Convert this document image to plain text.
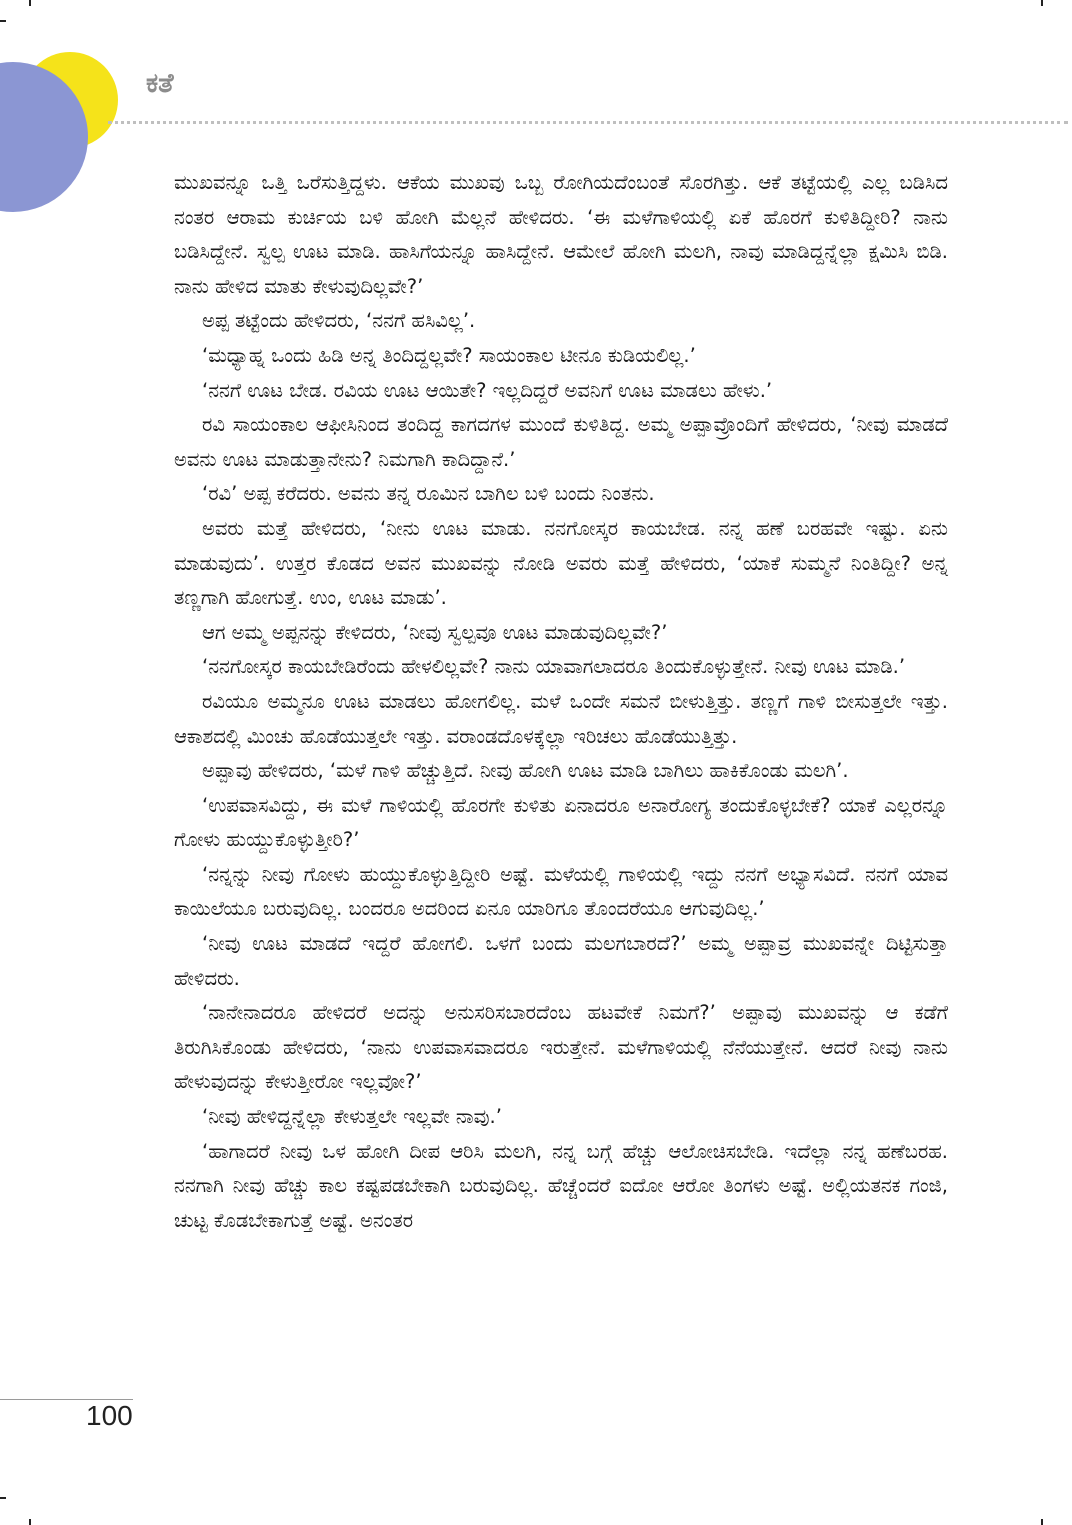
ಕತೆ

ಮುಖವನ್ನೂ ಒತ್ತಿ ಒರೆಸುತ್ತಿದ್ದಳು. ಆಕೆಯ ಮುಖವು ಒಬ್ಬ ರೋಗಿಯದೆಂಬಂತೆ ಸೊರಗಿತ್ತು. ಆಕೆ ತಟ್ಟೆಯಲ್ಲಿ ಎಲ್ಲ ಬಡಿಸಿದ ನಂತರ ಆರಾಮ ಕುರ್ಚಿಯ ಬಳಿ ಹೋಗಿ ಮೆಲ್ಲನೆ ಹೇಳಿದರು. ‘ಈ ಮಳೆಗಾಳಿಯಲ್ಲಿ ಏಕೆ ಹೊರಗೆ ಕುಳಿತಿದ್ದೀರಿ? ನಾನು ಬಡಿಸಿದ್ದೇನೆ. ಸ್ವಲ್ಪ ಊಟ ಮಾಡಿ. ಹಾಸಿಗೆಯನ್ನೂ ಹಾಸಿದ್ದೇನೆ. ಆಮೇಲೆ ಹೋಗಿ ಮಲಗಿ, ನಾವು ಮಾಡಿದ್ದನ್ನೆಲ್ಲಾ ಕ್ಷಮಿಸಿ ಬಿಡಿ. ನಾನು ಹೇಳಿದ ಮಾತು ಕೇಳುವುದಿಲ್ಲವೇ?’

ಅಪ್ಪ ತಟ್ಟೆಂದು ಹೇಳಿದರು, ‘ನನಗೆ ಹಸಿವಿಲ್ಲ’.

‘ಮಧ್ಯಾಹ್ನ ಒಂದು ಹಿಡಿ ಅನ್ನ ತಿಂದಿದ್ದಲ್ಲವೇ? ಸಾಯಂಕಾಲ ಟೀನೂ ಕುಡಿಯಲಿಲ್ಲ.’

‘ನನಗೆ ಊಟ ಬೇಡ. ರವಿಯ ಊಟ ಆಯಿತೇ? ಇಲ್ಲದಿದ್ದರೆ ಅವನಿಗೆ ಊಟ ಮಾಡಲು ಹೇಳು.’

ರವಿ ಸಾಯಂಕಾಲ ಆಫೀಸಿನಿಂದ ತಂದಿದ್ದ ಕಾಗದಗಳ ಮುಂದೆ ಕುಳಿತಿದ್ದ. ಅಮ್ಮ ಅಪ್ಪಾವ್ರೊಂದಿಗೆ ಹೇಳಿದರು, ‘ನೀವು ಮಾಡದೆ ಅವನು ಊಟ ಮಾಡುತ್ತಾನೇನು? ನಿಮಗಾಗಿ ಕಾದಿದ್ದಾನೆ.’

‘ರವಿ’ ಅಪ್ಪ ಕರೆದರು. ಅವನು ತನ್ನ ರೂಮಿನ ಬಾಗಿಲ ಬಳಿ ಬಂದು ನಿಂತನು.

ಅವರು ಮತ್ತೆ ಹೇಳಿದರು, ‘ನೀನು ಊಟ ಮಾಡು. ನನಗೋಸ್ಕರ ಕಾಯಬೇಡ. ನನ್ನ ಹಣೆ ಬರಹವೇ ಇಷ್ಟು. ಏನು ಮಾಡುವುದು’. ಉತ್ತರ ಕೊಡದ ಅವನ ಮುಖವನ್ನು ನೋಡಿ ಅವರು ಮತ್ತೆ ಹೇಳಿದರು, ‘ಯಾಕೆ ಸುಮ್ಮನೆ ನಿಂತಿದ್ದೀ? ಅನ್ನ ತಣ್ಣಗಾಗಿ ಹೋಗುತ್ತೆ. ಉಂ, ಊಟ ಮಾಡು’.

ಆಗ ಅಮ್ಮ ಅಪ್ಪನನ್ನು ಕೇಳಿದರು, ‘ನೀವು ಸ್ವಲ್ಪವೂ ಊಟ ಮಾಡುವುದಿಲ್ಲವೇ?’

‘ನನಗೋಸ್ಕರ ಕಾಯಬೇಡಿರೆಂದು ಹೇಳಲಿಲ್ಲವೇ? ನಾನು ಯಾವಾಗಲಾದರೂ ತಿಂದುಕೊಳ್ಳುತ್ತೇನೆ. ನೀವು ಊಟ ಮಾಡಿ.’

ರವಿಯೂ ಅಮ್ಮನೂ ಊಟ ಮಾಡಲು ಹೋಗಲಿಲ್ಲ. ಮಳೆ ಒಂದೇ ಸಮನೆ ಬೀಳುತ್ತಿತ್ತು. ತಣ್ಣಗೆ ಗಾಳಿ ಬೀಸುತ್ತಲೇ ಇತ್ತು. ಆಕಾಶದಲ್ಲಿ ಮಿಂಚು ಹೊಡೆಯುತ್ತಲೇ ಇತ್ತು. ವರಾಂಡದೊಳಕ್ಕೆಲ್ಲಾ ಇರಿಚಲು ಹೊಡೆಯುತ್ತಿತ್ತು.

ಅಪ್ಪಾವು ಹೇಳಿದರು, ‘ಮಳೆ ಗಾಳಿ ಹೆಚ್ಚುತ್ತಿದೆ. ನೀವು ಹೋಗಿ ಊಟ ಮಾಡಿ ಬಾಗಿಲು ಹಾಕಿಕೊಂಡು ಮಲಗಿ’.

‘ಉಪವಾಸವಿದ್ದು, ಈ ಮಳೆ ಗಾಳಿಯಲ್ಲಿ ಹೊರಗೇ ಕುಳಿತು ಏನಾದರೂ ಅನಾರೋಗ್ಯ ತಂದುಕೊಳ್ಳಬೇಕೆ? ಯಾಕೆ ಎಲ್ಲರನ್ನೂ ಗೋಳು ಹುಯ್ದುಕೊಳ್ಳುತ್ತೀರಿ?’

‘ನನ್ನನ್ನು ನೀವು ಗೋಳು ಹುಯ್ದುಕೊಳ್ಳುತ್ತಿದ್ದೀರಿ ಅಷ್ಟೆ. ಮಳೆಯಲ್ಲಿ ಗಾಳಿಯಲ್ಲಿ ಇದ್ದು ನನಗೆ ಅಭ್ಯಾಸವಿದೆ. ನನಗೆ ಯಾವ ಕಾಯಿಲೆಯೂ ಬರುವುದಿಲ್ಲ. ಬಂದರೂ ಅದರಿಂದ ಏನೂ ಯಾರಿಗೂ ತೊಂದರೆಯೂ ಆಗುವುದಿಲ್ಲ.’

‘ನೀವು ಊಟ ಮಾಡದೆ ಇದ್ದರೆ ಹೋಗಲಿ. ಒಳಗೆ ಬಂದು ಮಲಗಬಾರದೆ?’ ಅಮ್ಮ ಅಪ್ಪಾವ್ರ ಮುಖವನ್ನೇ ದಿಟ್ಟಿಸುತ್ತಾ ಹೇಳಿದರು.

‘ನಾನೇನಾದರೂ ಹೇಳಿದರೆ ಅದನ್ನು ಅನುಸರಿಸಬಾರದೆಂಬ ಹಟವೇಕೆ ನಿಮಗೆ?’ ಅಪ್ಪಾವು ಮುಖವನ್ನು ಆ ಕಡೆಗೆ ತಿರುಗಿಸಿಕೊಂಡು ಹೇಳಿದರು, ‘ನಾನು ಉಪವಾಸವಾದರೂ ಇರುತ್ತೇನೆ. ಮಳೆಗಾಳಿಯಲ್ಲಿ ನೆನೆಯುತ್ತೇನೆ. ಆದರೆ ನೀವು ನಾನು ಹೇಳುವುದನ್ನು ಕೇಳುತ್ತೀರೋ ಇಲ್ಲವೋ?’

‘ನೀವು ಹೇಳಿದ್ದನ್ನೆಲ್ಲಾ ಕೇಳುತ್ತಲೇ ಇಲ್ಲವೇ ನಾವು.’

‘ಹಾಗಾದರೆ ನೀವು ಒಳ ಹೋಗಿ ದೀಪ ಆರಿಸಿ ಮಲಗಿ, ನನ್ನ ಬಗ್ಗೆ ಹೆಚ್ಚು ಆಲೋಚಿಸಬೇಡಿ. ಇದೆಲ್ಲಾ ನನ್ನ ಹಣೆಬರಹ. ನನಗಾಗಿ ನೀವು ಹೆಚ್ಚು ಕಾಲ ಕಷ್ಟಪಡಬೇಕಾಗಿ ಬರುವುದಿಲ್ಲ. ಹೆಚ್ಚೆಂದರೆ ಐದೋ ಆರೋ ತಿಂಗಳು ಅಷ್ಟೆ. ಅಲ್ಲಿಯತನಕ ಗಂಜಿ, ಚುಟ್ಟ ಕೊಡಬೇಕಾಗುತ್ತೆ ಅಷ್ಟೆ. ಅನಂತರ

100
